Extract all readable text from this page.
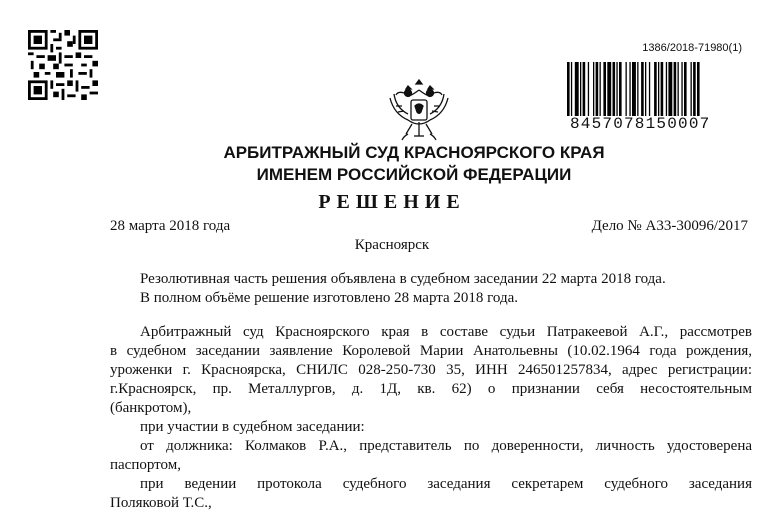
1386/2018-71980(1)
8457078150007
АРБИТРАЖНЫЙ СУД КРАСНОЯРСКОГО КРАЯ
ИМЕНЕМ РОССИЙСКОЙ ФЕДЕРАЦИИ
РЕШЕНИЕ
28 марта 2018 года	Дело № А33-30096/2017
Красноярск
Резолютивная часть решения объявлена в судебном заседании 22 марта 2018 года.
В полном объёме решение изготовлено 28 марта 2018 года.
Арбитражный суд Красноярского края в составе судьи Патракеевой А.Г., рассмотрев
в судебном заседании заявление Королевой Марии Анатольевны (10.02.1964 года рождения,
уроженки г. Красноярска, СНИЛС 028-250-730 35, ИНН 246501257834, адрес регистрации:
г.Красноярск, пр. Металлургов, д. 1Д, кв. 62) о признании себя несостоятельным
(банкротом),
при участии в судебном заседании:
от должника: Колмаков Р.А., представитель по доверенности, личность удостоверена
паспортом,
при ведении протокола судебного заседания секретарем судебного заседания
Поляковой Т.С.,
